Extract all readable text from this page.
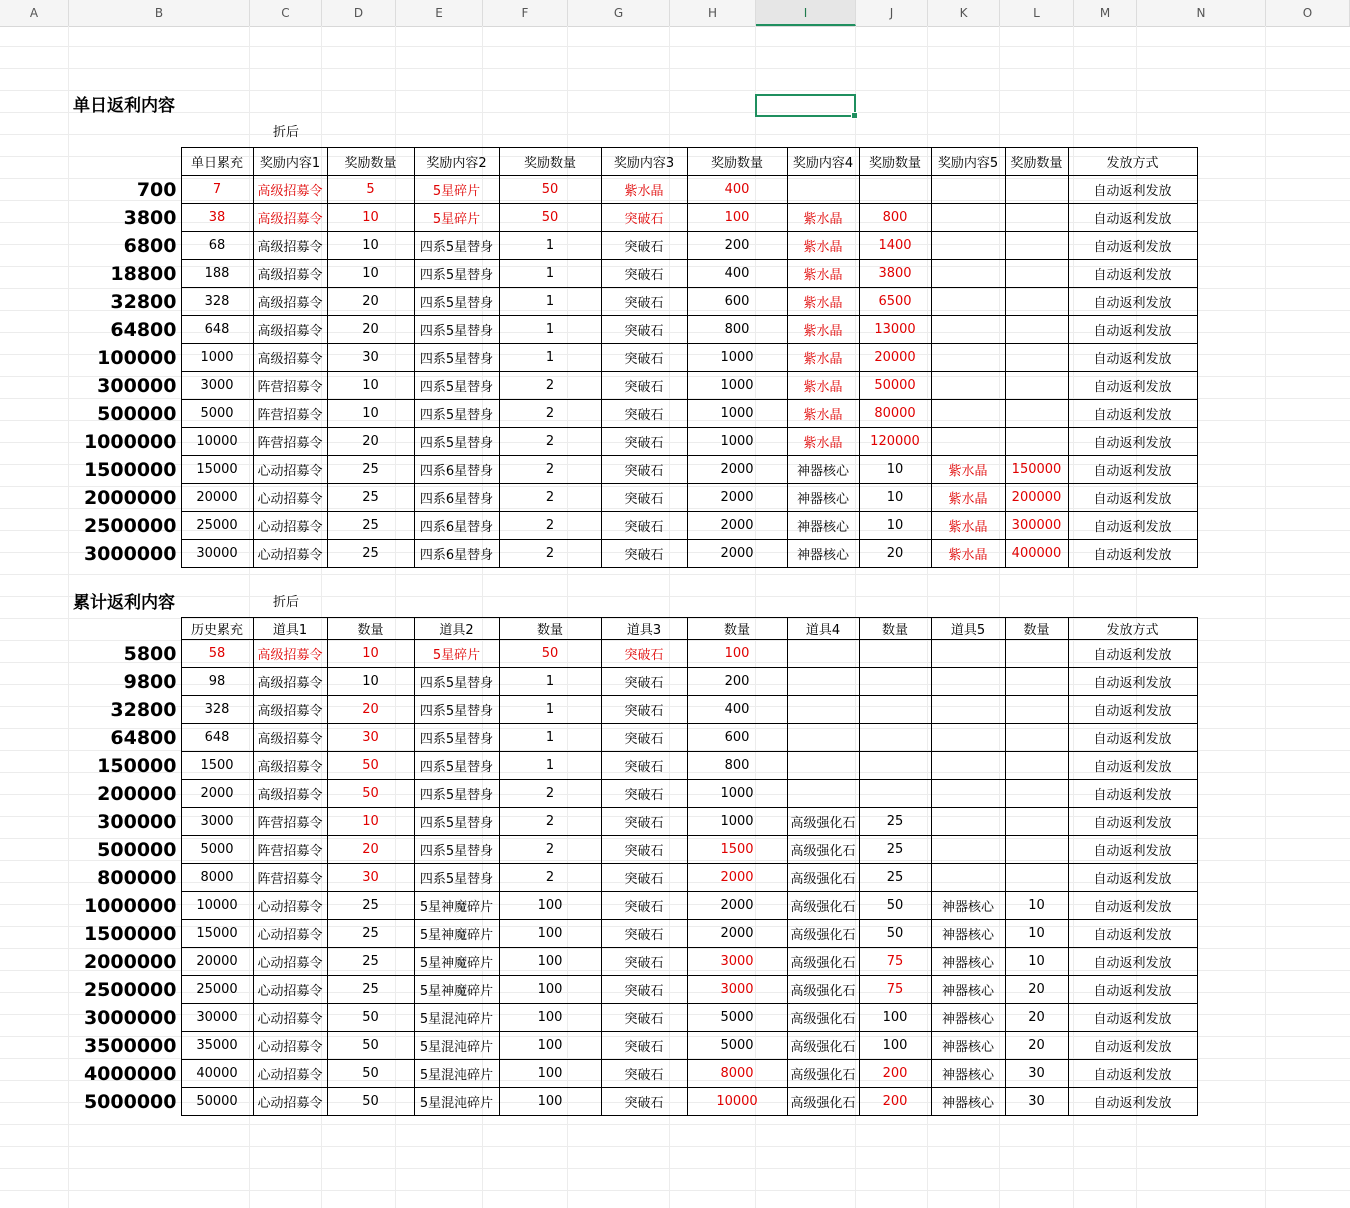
A	B	C	D	E	F	G	H	I	J	K	L	M	N	O
单日返利内容
折后
	单日累充	奖励内容1	奖励数量	奖励内容2	奖励数量	奖励内容3	奖励数量	奖励内容4	奖励数量	奖励内容5	奖励数量	发放方式
700	7	高级招募令	5	5星碎片	50	紫水晶	400					自动返利发放
3800	38	高级招募令	10	5星碎片	50	突破石	100	紫水晶	800			自动返利发放
6800	68	高级招募令	10	四系5星替身	1	突破石	200	紫水晶	1400			自动返利发放
18800	188	高级招募令	10	四系5星替身	1	突破石	400	紫水晶	3800			自动返利发放
32800	328	高级招募令	20	四系5星替身	1	突破石	600	紫水晶	6500			自动返利发放
64800	648	高级招募令	20	四系5星替身	1	突破石	800	紫水晶	13000			自动返利发放
100000	1000	高级招募令	30	四系5星替身	1	突破石	1000	紫水晶	20000			自动返利发放
300000	3000	阵营招募令	10	四系5星替身	2	突破石	1000	紫水晶	50000			自动返利发放
500000	5000	阵营招募令	10	四系5星替身	2	突破石	1000	紫水晶	80000			自动返利发放
1000000	10000	阵营招募令	20	四系5星替身	2	突破石	1000	紫水晶	120000			自动返利发放
1500000	15000	心动招募令	25	四系6星替身	2	突破石	2000	神器核心	10	紫水晶	150000	自动返利发放
2000000	20000	心动招募令	25	四系6星替身	2	突破石	2000	神器核心	10	紫水晶	200000	自动返利发放
2500000	25000	心动招募令	25	四系6星替身	2	突破石	2000	神器核心	10	紫水晶	300000	自动返利发放
3000000	30000	心动招募令	25	四系6星替身	2	突破石	2000	神器核心	20	紫水晶	400000	自动返利发放
累计返利内容	折后
	历史累充	道具1	数量	道具2	数量	道具3	数量	道具4	数量	道具5	数量	发放方式
5800	58	高级招募令	10	5星碎片	50	突破石	100					自动返利发放
9800	98	高级招募令	10	四系5星替身	1	突破石	200					自动返利发放
32800	328	高级招募令	20	四系5星替身	1	突破石	400					自动返利发放
64800	648	高级招募令	30	四系5星替身	1	突破石	600					自动返利发放
150000	1500	高级招募令	50	四系5星替身	1	突破石	800					自动返利发放
200000	2000	高级招募令	50	四系5星替身	2	突破石	1000					自动返利发放
300000	3000	阵营招募令	10	四系5星替身	2	突破石	1000	高级强化石	25			自动返利发放
500000	5000	阵营招募令	20	四系5星替身	2	突破石	1500	高级强化石	25			自动返利发放
800000	8000	阵营招募令	30	四系5星替身	2	突破石	2000	高级强化石	25			自动返利发放
1000000	10000	心动招募令	25	5星神魔碎片	100	突破石	2000	高级强化石	50	神器核心	10	自动返利发放
1500000	15000	心动招募令	25	5星神魔碎片	100	突破石	2000	高级强化石	50	神器核心	10	自动返利发放
2000000	20000	心动招募令	25	5星神魔碎片	100	突破石	3000	高级强化石	75	神器核心	10	自动返利发放
2500000	25000	心动招募令	25	5星神魔碎片	100	突破石	3000	高级强化石	75	神器核心	20	自动返利发放
3000000	30000	心动招募令	50	5星混沌碎片	100	突破石	5000	高级强化石	100	神器核心	20	自动返利发放
3500000	35000	心动招募令	50	5星混沌碎片	100	突破石	5000	高级强化石	100	神器核心	20	自动返利发放
4000000	40000	心动招募令	50	5星混沌碎片	100	突破石	8000	高级强化石	200	神器核心	30	自动返利发放
5000000	50000	心动招募令	50	5星混沌碎片	100	突破石	10000	高级强化石	200	神器核心	30	自动返利发放
